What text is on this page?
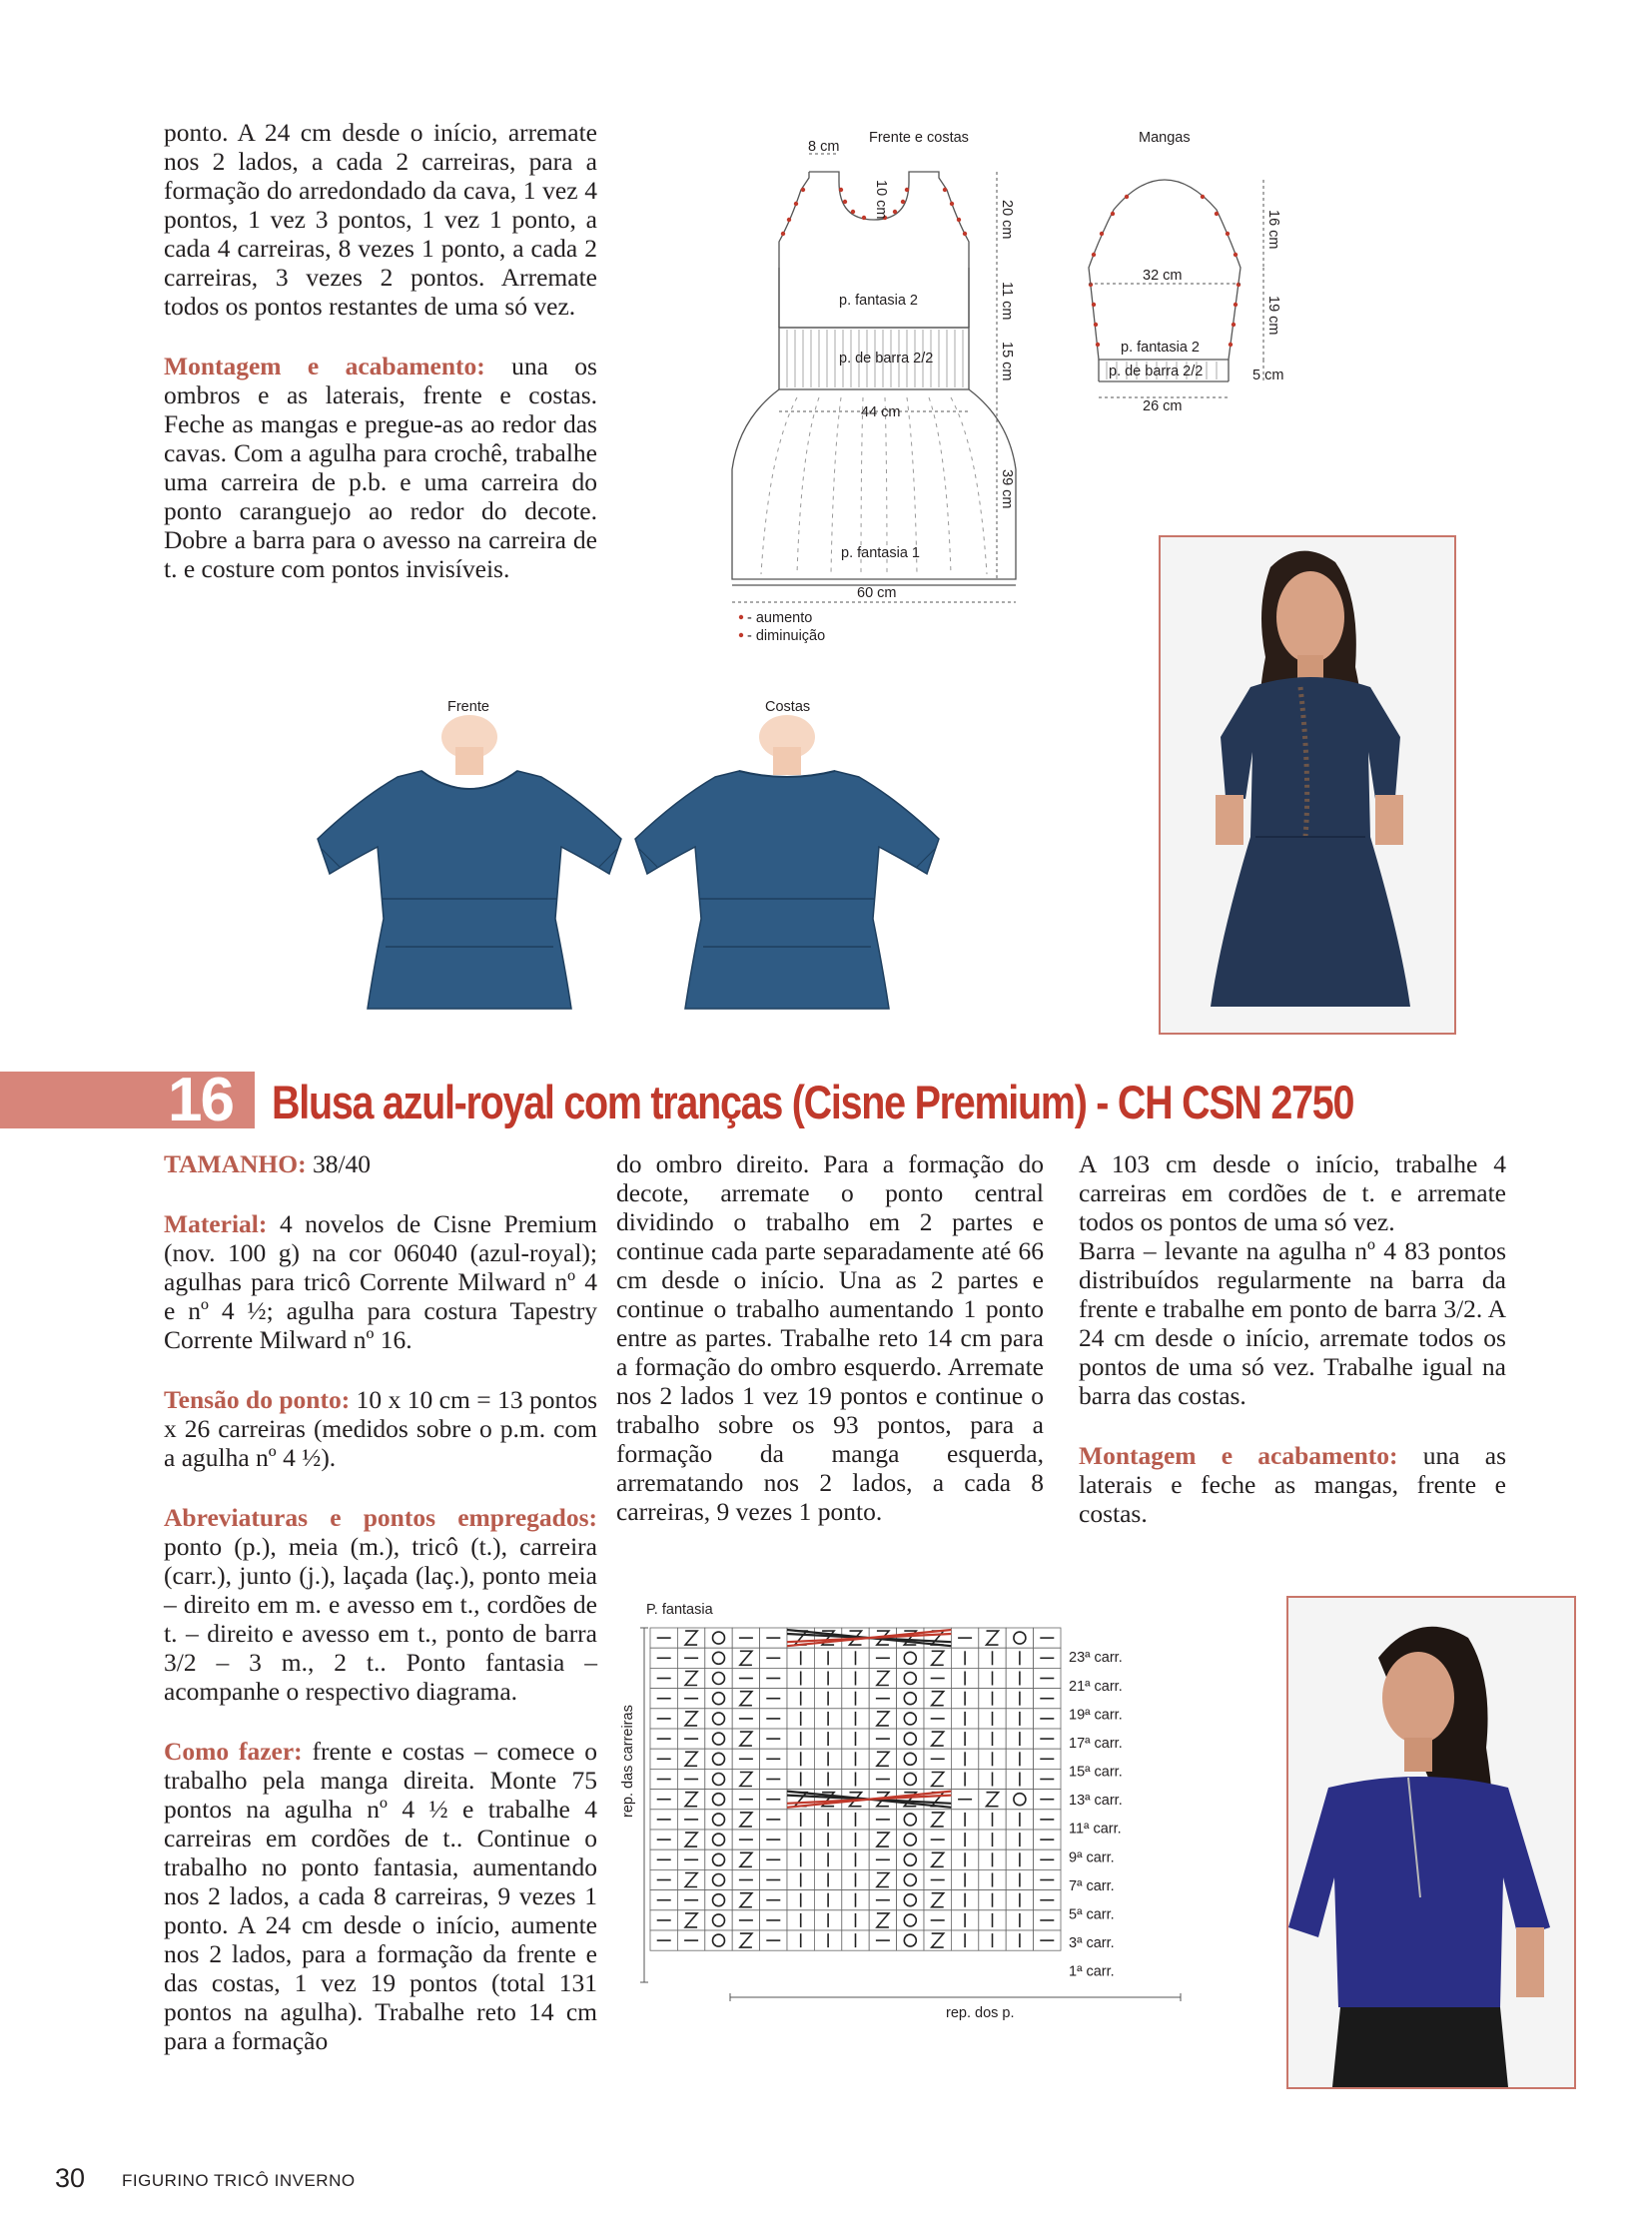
ponto. A 24 cm desde o início, arremate nos 2 lados, a cada 2 carreiras, para a formação do arredondado da cava, 1 vez 4 pontos, 1 vez 3 pontos, 1 vez 1 ponto, a cada 4 carreiras, 8 vezes 1 ponto, a cada 2 carreiras, 3 vezes 2 pontos. Arremate todos os pontos restantes de uma só vez.

Montagem e acabamento: una os ombros e as laterais, frente e costas. Feche as mangas e pregue-as ao redor das cavas. Com a agulha para crochê, trabalhe uma carreira de p.b. e uma carreira do ponto caranguejo ao redor do decote. Dobre a barra para o avesso na carreira de t. e costure com pontos invisíveis.

Frente e costas	Mangas
8 cm
10 cm
20 cm
11 cm
15 cm
39 cm
44 cm
60 cm
p. fantasia 2
p. de barra 2/2
p. fantasia 1
16 cm
19 cm
5 cm
32 cm
26 cm
p. fantasia 2
p. de barra 2/2
- aumento
- diminuição
Frente	Costas
16 Blusa azul-royal com tranças (Cisne Premium) - CH CSN 2750

TAMANHO: 38/40

Material: 4 novelos de Cisne Premium (nov. 100 g) na cor 06040 (azul-royal); agulhas para tricô Corrente Milward nº 4 e nº 4 ½; agulha para costura Tapestry Corrente Milward nº 16.

Tensão do ponto: 10 x 10 cm = 13 pontos x 26 carreiras (medidos sobre o p.m. com a agulha nº 4 ½).

Abreviaturas e pontos empregados: ponto (p.), meia (m.), tricô (t.), carreira (carr.), junto (j.), laçada (laç.), ponto meia – direito em m. e avesso em t., cordões de t. – direito e avesso em t., ponto de barra 3/2 – 3 m., 2 t.. Ponto fantasia – acompanhe o respectivo diagrama.

Como fazer: frente e costas – comece o trabalho pela manga direita. Monte 75 pontos na agulha nº 4 ½ e trabalhe 4 carreiras em cordões de t.. Continue o trabalho no ponto fantasia, aumentando nos 2 lados, a cada 8 carreiras, 9 vezes 1 ponto. A 24 cm desde o início, aumente nos 2 lados, para a formação da frente e das costas, 1 vez 19 pontos (total 131 pontos na agulha). Trabalhe reto 14 cm para a formação

do ombro direito. Para a formação do decote, arremate o ponto central dividindo o trabalho em 2 partes e continue cada parte separadamente até 66 cm desde o início. Una as 2 partes e continue o trabalho aumentando 1 ponto entre as partes. Trabalhe reto 14 cm para a formação do ombro esquerdo. Arremate nos 2 lados 1 vez 19 pontos e continue o trabalho sobre os 93 pontos, para a formação da manga esquerda, arrematando nos 2 lados, a cada 8 carreiras, 9 vezes 1 ponto.

A 103 cm desde o início, trabalhe 4 carreiras em cordões de t. e arremate todos os pontos de uma só vez.

Barra – levante na agulha nº 4 83 pontos distribuídos regularmente na barra da frente e trabalhe em ponto de barra 3/2. A 24 cm desde o início, arremate todos os pontos de uma só vez. Trabalhe igual na barra das costas.

Montagem e acabamento: una as laterais e feche as mangas, frente e costas.

P. fantasia
rep. das carreiras
rep. dos p.
23ª carr.
21ª carr.
19ª carr.
17ª carr.
15ª carr.
13ª carr.
11ª carr.
9ª carr.
7ª carr.
5ª carr.
3ª carr.
1ª carr.
30 FIGURINO TRICÔ INVERNO
